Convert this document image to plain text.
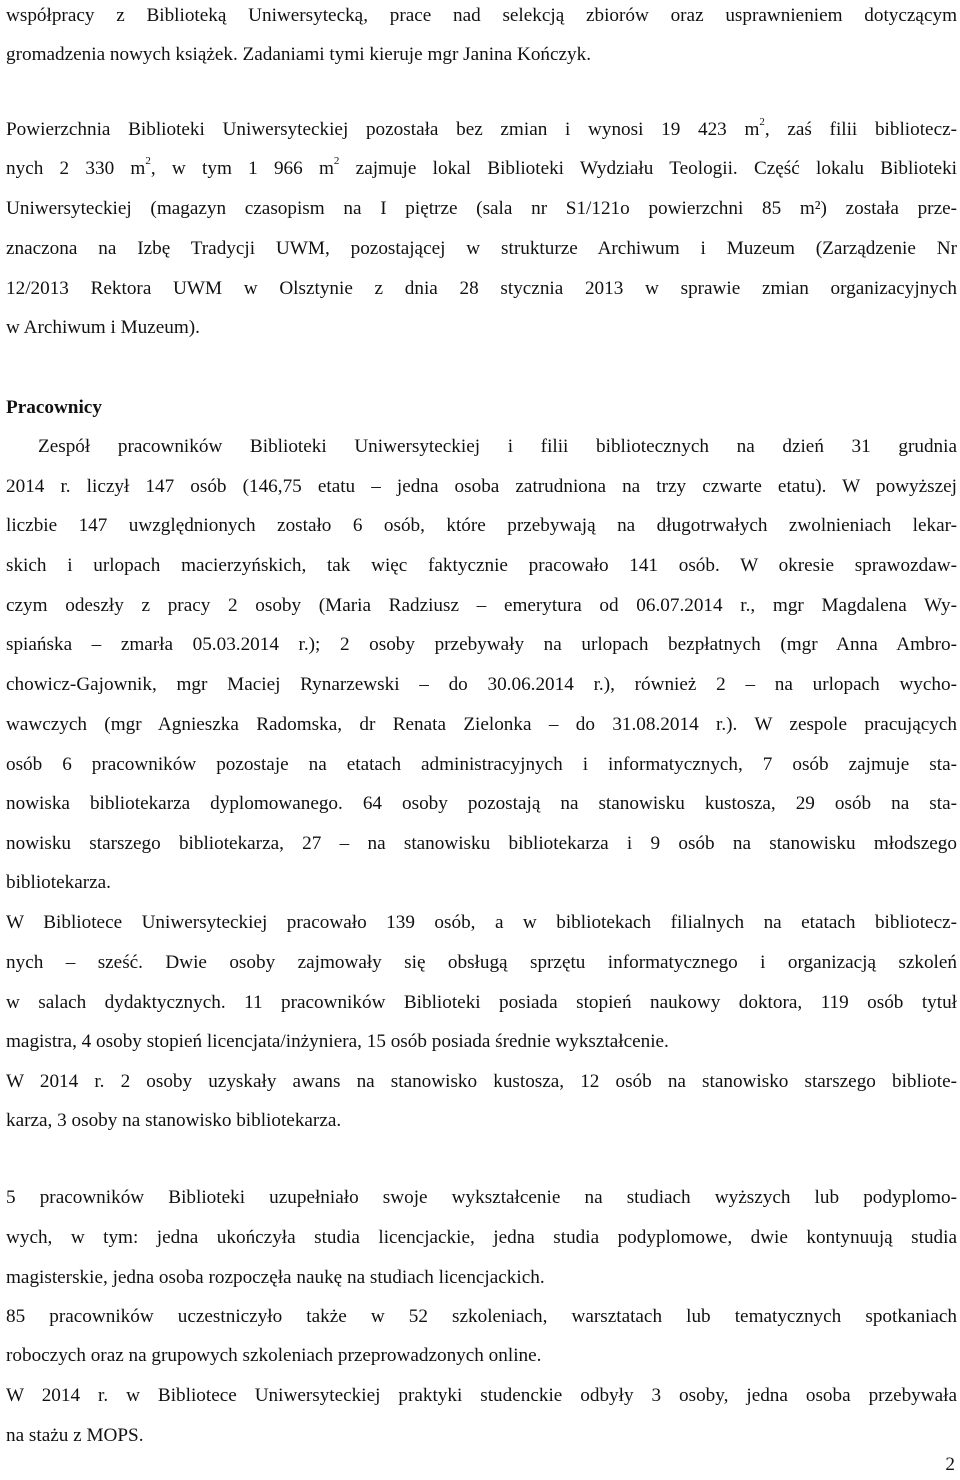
współpracy z Biblioteką Uniwersytecką, prace nad selekcją zbiorów oraz usprawnieniem dotyczącym
gromadzenia nowych książek. Zadaniami tymi kieruje mgr Janina Kończyk.
Powierzchnia Biblioteki Uniwersyteckiej pozostała bez zmian i wynosi 19 423 $m^2$, zaś filii bibliotecz-
nych 2 330 $m^2$, w tym 1 966 $m^2$ zajmuje lokal Biblioteki Wydziału Teologii. Część lokalu Biblioteki
Uniwersyteckiej (magazyn czasopism na I piętrze (sala nr S1/121o powierzchni 85 m²) została prze-
znaczona na Izbę Tradycji UWM, pozostającej w strukturze Archiwum i Muzeum (Zarządzenie Nr
12/2013 Rektora UWM w Olsztynie z dnia 28 stycznia 2013 w sprawie zmian organizacyjnych
w Archiwum i Muzeum).
Pracownicy
Zespół pracowników Biblioteki Uniwersyteckiej i filii bibliotecznych na dzień 31 grudnia
2014 r. liczył 147 osób (146,75 etatu – jedna osoba zatrudniona na trzy czwarte etatu). W powyższej
liczbie 147 uwzględnionych zostało 6 osób, które przebywają na długotrwałych zwolnieniach lekar-
skich i urlopach macierzyńskich, tak więc faktycznie pracowało 141 osób. W okresie sprawozdaw-
czym odeszły z pracy 2 osoby (Maria Radziusz – emerytura od 06.07.2014 r., mgr Magdalena Wy-
spiańska – zmarła 05.03.2014 r.); 2 osoby przebywały na urlopach bezpłatnych (mgr Anna Ambro-
chowicz-Gajownik, mgr Maciej Rynarzewski – do 30.06.2014 r.), również 2 – na urlopach wycho-
wawczych (mgr Agnieszka Radomska, dr Renata Zielonka – do 31.08.2014 r.). W zespole pracujących
osób 6 pracowników pozostaje na etatach administracyjnych i informatycznych, 7 osób zajmuje sta-
nowiska bibliotekarza dyplomowanego. 64 osoby pozostają na stanowisku kustosza, 29 osób na sta-
nowisku starszego bibliotekarza, 27 – na stanowisku bibliotekarza i 9 osób na stanowisku młodszego
bibliotekarza.
W Bibliotece Uniwersyteckiej pracowało 139 osób, a w bibliotekach filialnych na etatach bibliotecz-
nych – sześć. Dwie osoby zajmowały się obsługą sprzętu informatycznego i organizacją szkoleń
w salach dydaktycznych. 11 pracowników Biblioteki posiada stopień naukowy doktora, 119 osób tytuł
magistra, 4 osoby stopień licencjata/inżyniera, 15 osób posiada średnie wykształcenie.
W 2014 r. 2 osoby uzyskały awans na stanowisko kustosza, 12 osób na stanowisko starszego bibliote-
karza, 3 osoby na stanowisko bibliotekarza.
5 pracowników Biblioteki uzupełniało swoje wykształcenie na studiach wyższych lub podyplomo-
wych, w tym: jedna ukończyła studia licencjackie, jedna studia podyplomowe, dwie kontynuują studia
magisterskie, jedna osoba rozpoczęła naukę na studiach licencjackich.
85 pracowników uczestniczyło także w 52 szkoleniach, warsztatach lub tematycznych spotkaniach
roboczych oraz na grupowych szkoleniach przeprowadzonych online.
W 2014 r. w Bibliotece Uniwersyteckiej praktyki studenckie odbyły 3 osoby, jedna osoba przebywała
na stażu z MOPS.
2
